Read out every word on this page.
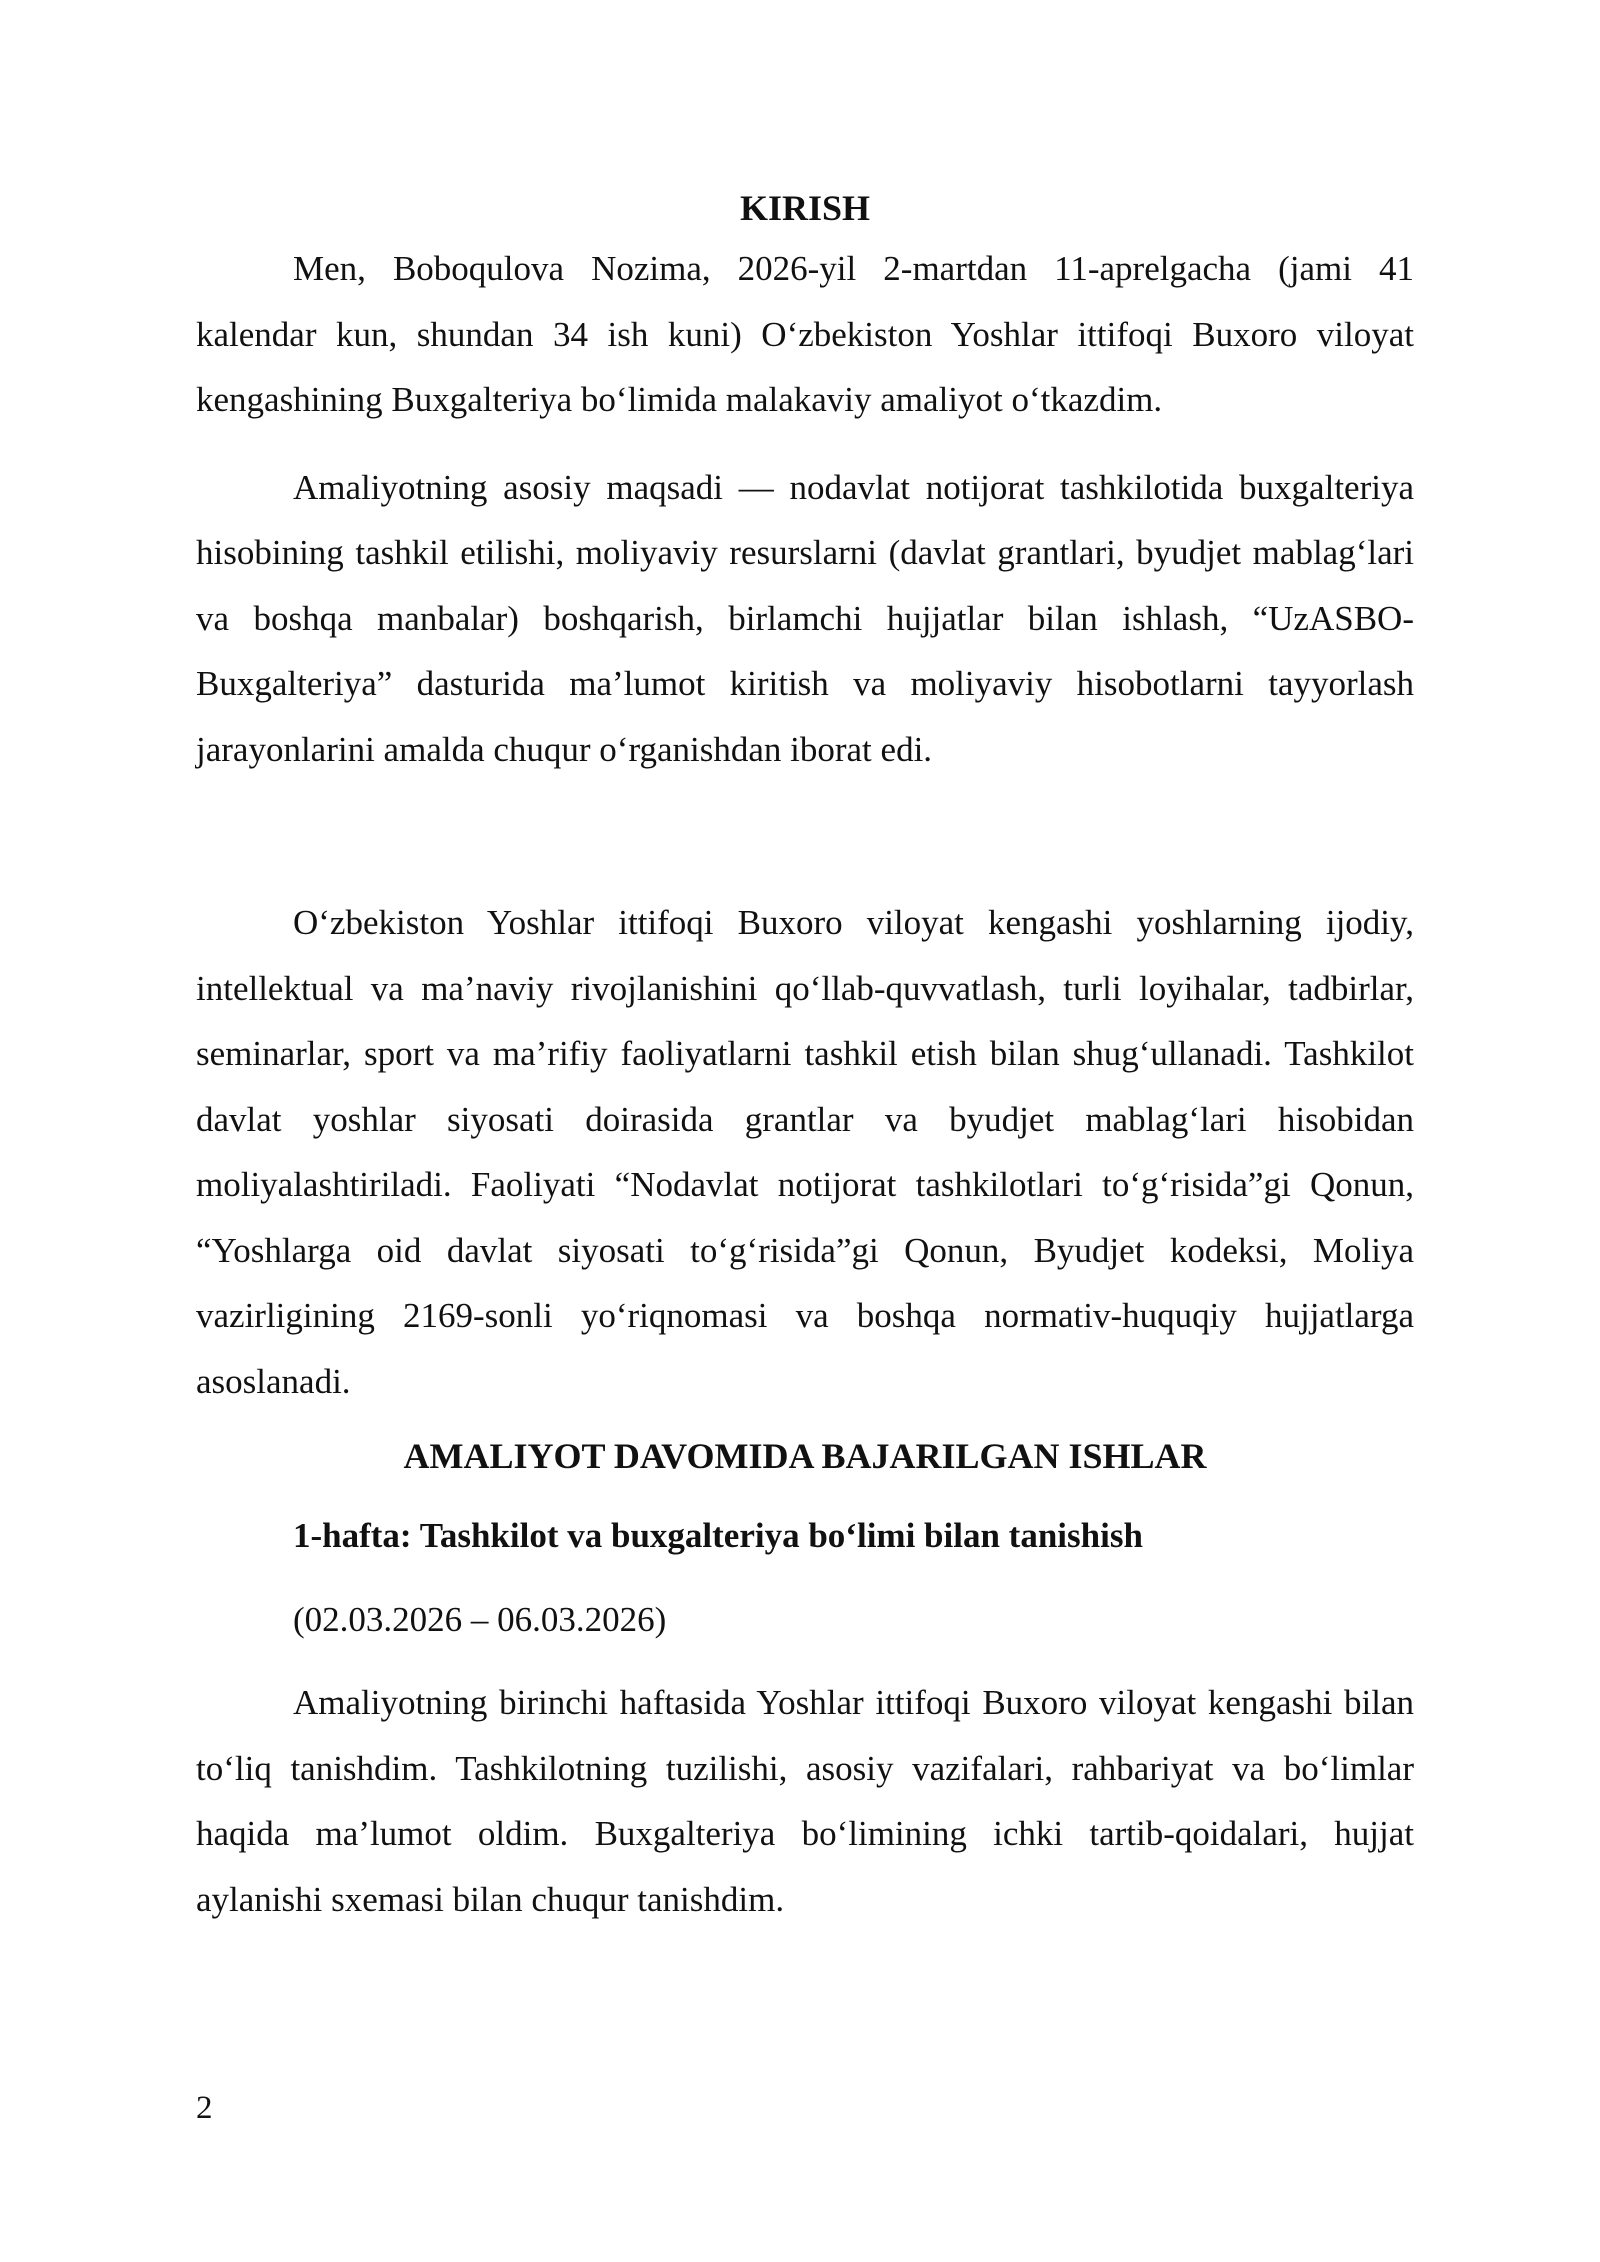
KIRISH

Men, Boboqulova Nozima, 2026-yil 2-martdan 11-aprelgacha (jami 41 kalendar kun, shundan 34 ish kuni) O‘zbekiston Yoshlar ittifoqi Buxoro viloyat kengashining Buxgalteriya bo‘limida malakaviy amaliyot o‘tkazdim.

Amaliyotning asosiy maqsadi — nodavlat notijorat tashkilotida buxgalteriya hisobining tashkil etilishi, moliyaviy resurslarni (davlat grantlari, byudjet mablag‘lari va boshqa manbalar) boshqarish, birlamchi hujjatlar bilan ishlash, “UzASBO-Buxgalteriya” dasturida ma’lumot kiritish va moliyaviy hisobotlarni tayyorlash jarayonlarini amalda chuqur o‘rganishdan iborat edi.

O‘zbekiston Yoshlar ittifoqi Buxoro viloyat kengashi yoshlarning ijodiy, intellektual va ma’naviy rivojlanishini qo‘llab-quvvatlash, turli loyihalar, tadbirlar, seminarlar, sport va ma’rifiy faoliyatlarni tashkil etish bilan shug‘ullanadi. Tashkilot davlat yoshlar siyosati doirasida grantlar va byudjet mablag‘lari hisobidan moliyalashtiriladi. Faoliyati “Nodavlat notijorat tashkilotlari to‘g‘risida”gi Qonun, “Yoshlarga oid davlat siyosati to‘g‘risida”gi Qonun, Byudjet kodeksi, Moliya vazirligining 2169-sonli yo‘riqnomasi va boshqa normativ-huquqiy hujjatlarga asoslanadi.

AMALIYOT DAVOMIDA BAJARILGAN ISHLAR
1-hafta: Tashkilot va buxgalteriya bo‘limi bilan tanishish

(02.03.2026 – 06.03.2026)

Amaliyotning birinchi haftasida Yoshlar ittifoqi Buxoro viloyat kengashi bilan to‘liq tanishdim. Tashkilotning tuzilishi, asosiy vazifalari, rahbariyat va bo‘limlar haqida ma’lumot oldim. Buxgalteriya bo‘limining ichki tartib-qoidalari, hujjat aylanishi sxemasi bilan chuqur tanishdim.

2
